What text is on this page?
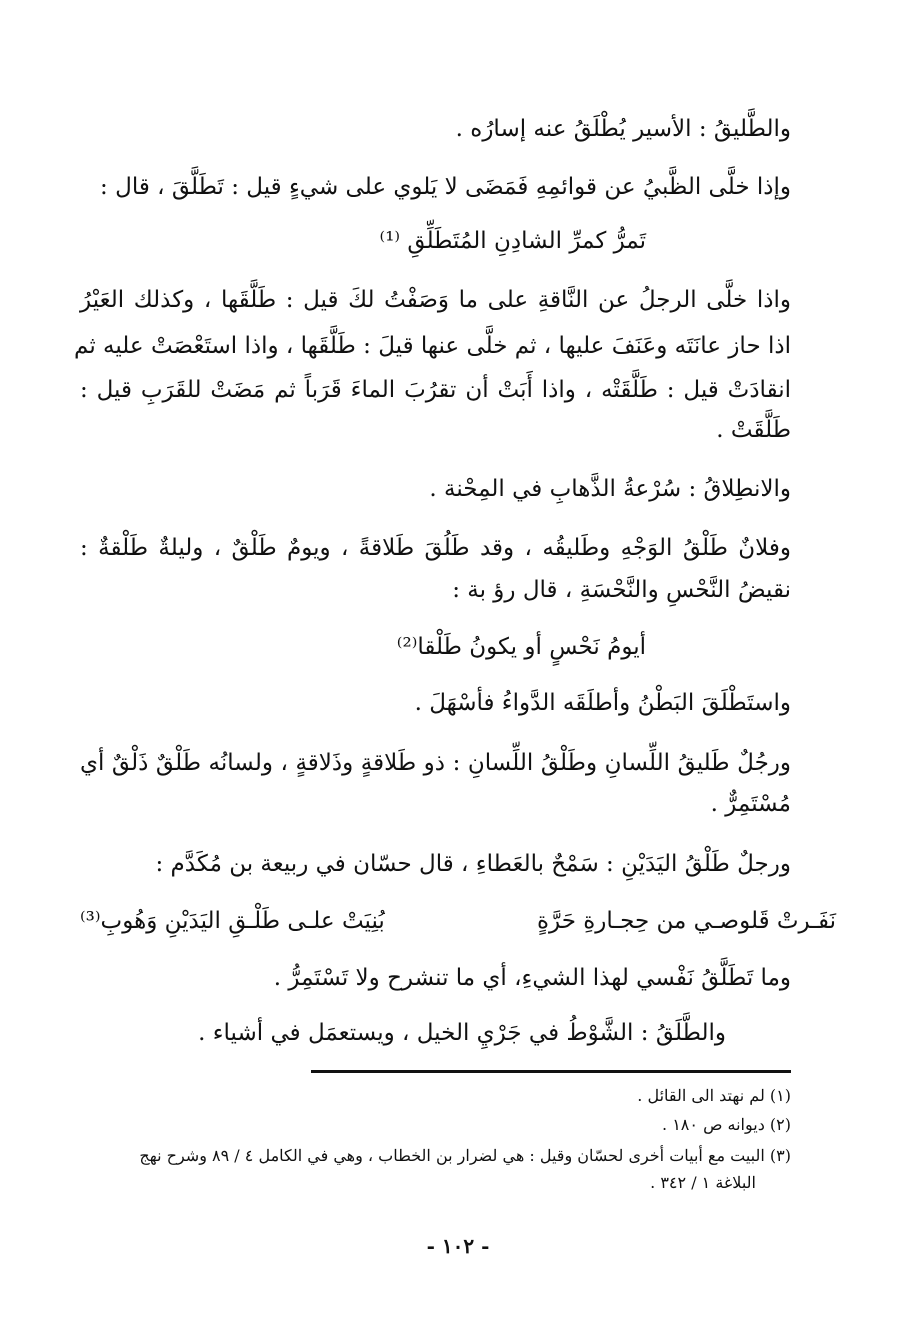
والطَّليقُ : الأسير يُطْلَقُ عنه إسارُه .
وإذا خلَّى الظَّبيُ عن قوائمِهِ فَمَضَى لا يَلوي على شيءٍ قيل : تَطَلَّقَ ، قال :
تَمرُّ كمرِّ الشادِنِ المُتَطَلِّقِ ⁽¹⁾
واذا خلَّى الرجلُ عن النَّاقةِ على ما وَصَفْتُ لكَ قيل : طَلَّقَها ، وكذلك العَيْرُ
اذا حاز عانَتَه وعَنَفَ عليها ، ثم خلَّى عنها قيلَ : طَلَّقَها ، واذا استَعْصَتْ عليه ثم
انقادَتْ قيل : طَلَّقَتْه ، واذا أَبَتْ أن تقرُبَ الماءَ قَرَباً ثم مَضَتْ للقَرَبِ قيل :
طَلَّقَتْ .
والانطِلاقُ : سُرْعةُ الذَّهابِ في المِحْنة .
وفلانٌ طَلْقُ الوَجْهِ وطَليقُه ، وقد طَلُقَ طَلاقةً ، ويومٌ طَلْقٌ ، وليلةٌ طَلْقةٌ :
نقيضُ النَّحْسِ والنَّحْسَةِ ، قال رؤ بة :
أيومُ نَحْسٍ أو يكونُ طَلْقا⁽²⁾
واستَطْلَقَ البَطْنُ وأطلَقَه الدَّواءُ فأسْهَلَ .
ورجُلٌ طَليقُ اللِّسانِ وطَلْقُ اللِّسانِ : ذو طَلاقةٍ وذَلاقةٍ ، ولسانُه طَلْقٌ ذَلْقٌ أي
مُسْتَمِرٌّ .
ورجلٌ طَلْقُ اليَدَيْنِ : سَمْحٌ بالعَطاءِ ، قال حسّان في ربيعة بن مُكَدَّم :
نَفَـرتْ قَلوصـي من حِجـارةِ حَرَّةٍ
بُنِيَتْ علـى طَلْـقِ اليَدَيْنِ وَهُوبِ⁽³⁾
وما تَطَلَّقُ نَفْسي لهذا الشيءِ، أي ما تنشرح ولا تَسْتَمِرُّ .
والطَّلَقُ : الشَّوْطُ في جَرْيِ الخيل ، ويستعمَل في أشياء .
(١) لم نهتد الى القائل .
(٢) ديوانه ص ١٨٠ .
(٣) البيت مع أبيات أخرى لحسّان وقيل : هي لضرار بن الخطاب ، وهي في الكامل ٤ / ٨٩ وشرح نهج
البلاغة ١ / ٣٤٢ .
- ١٠٢ -
